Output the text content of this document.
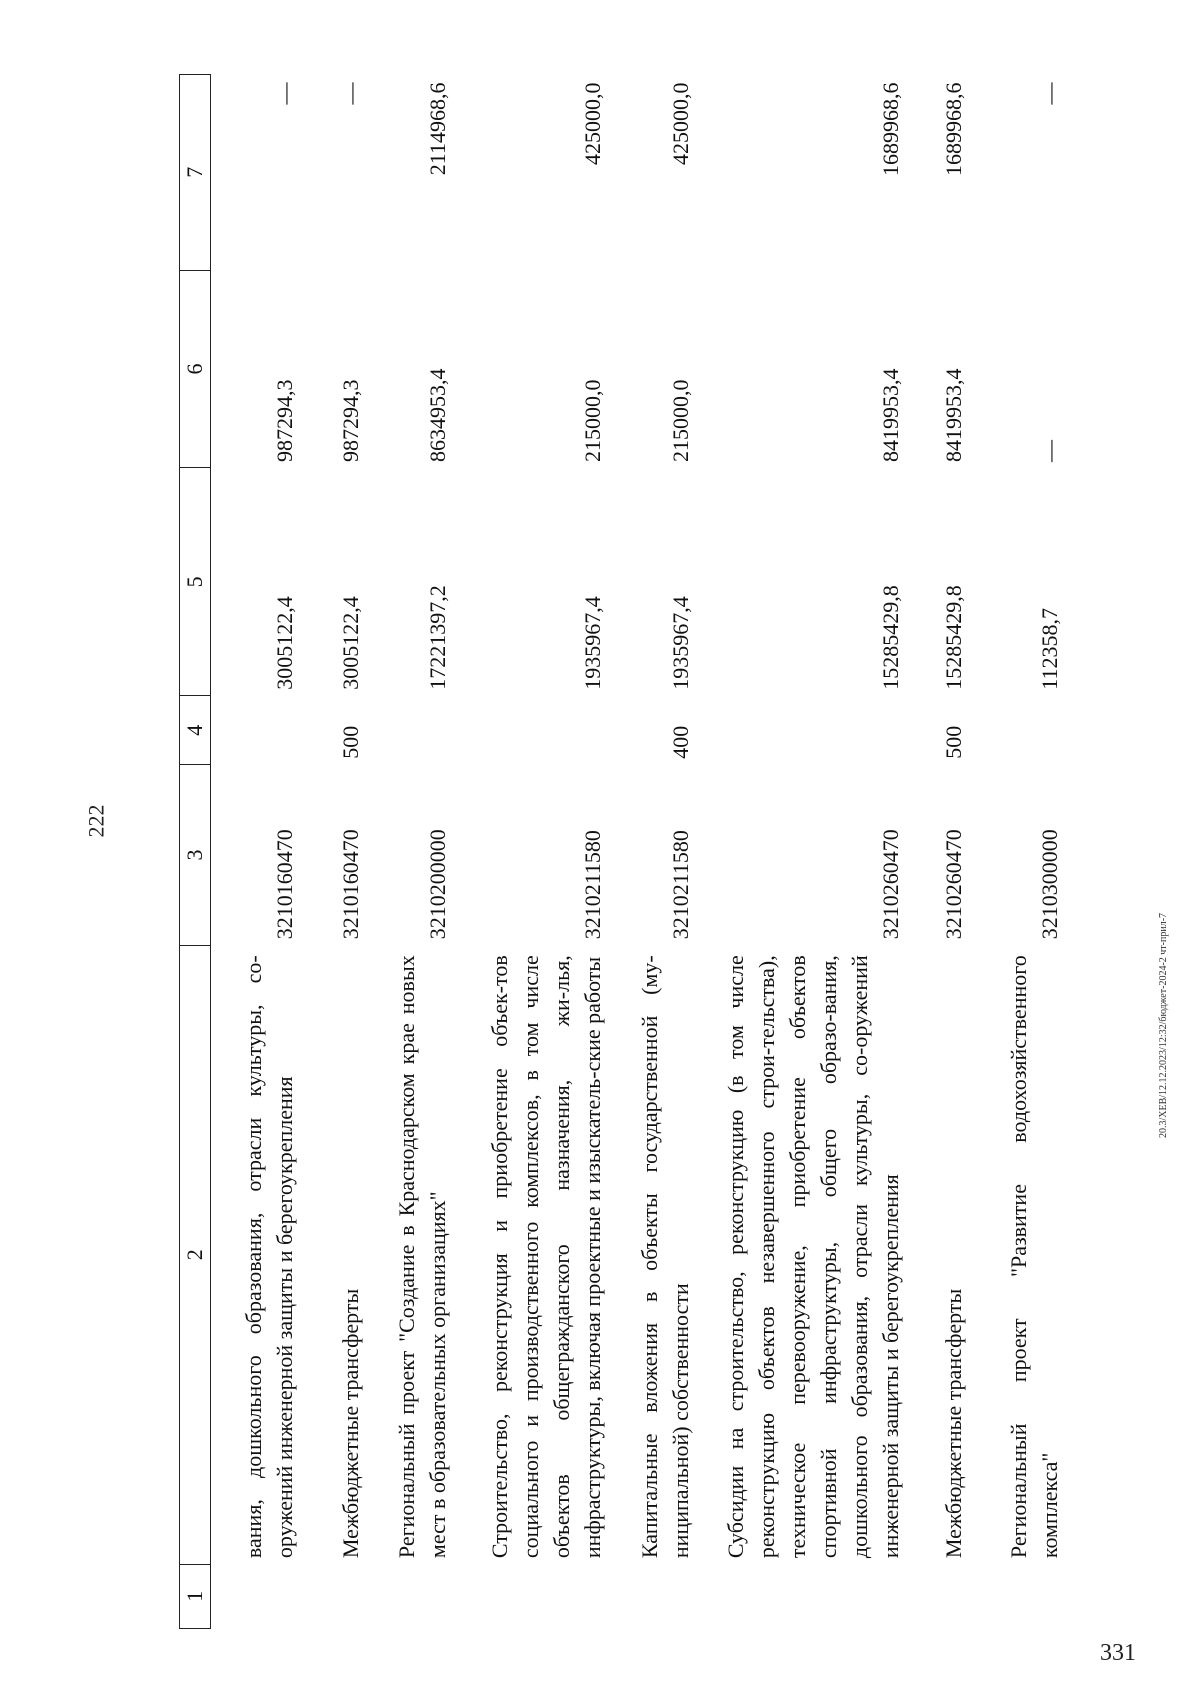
222
1	2	3	4	5	6	7
	вания, дошкольного образования, отрасли культуры, со-оружений инженерной защиты и берегоукрепления	3210160470		3005122,4	987294,3	—
	Межбюджетные трансферты	3210160470	500	3005122,4	987294,3	—
	Региональный проект "Создание в Краснодарском крае новых мест в образовательных организациях"	3210200000		17221397,2	8634953,4	2114968,6
	Строительство, реконструкция и приобретение объек-тов социального и производственного комплексов, в том числе объектов общегражданского назначения, жи-лья, инфраструктуры, включая проектные и изыскатель-ские работы	3210211580		1935967,4	215000,0	425000,0
	Капитальные вложения в объекты государственной (му-ниципальной) собственности	3210211580	400	1935967,4	215000,0	425000,0
	Субсидии на строительство, реконструкцию (в том числе реконструкцию объектов незавершенного строи-тельства), техническое перевооружение, приобретение объектов спортивной инфраструктуры, общего образо-вания, дошкольного образования, отрасли культуры, со-оружений инженерной защиты и берегоукрепления	3210260470		15285429,8	8419953,4	1689968,6
	Межбюджетные трансферты	3210260470	500	15285429,8	8419953,4	1689968,6
	Региональный проект "Развитие водохозяйственного комплекса"	3210300000		112358,7	—	—
20.3/XEB/12.12.2023/12:32/бюджет-2024-2 чт-прил-7
331
